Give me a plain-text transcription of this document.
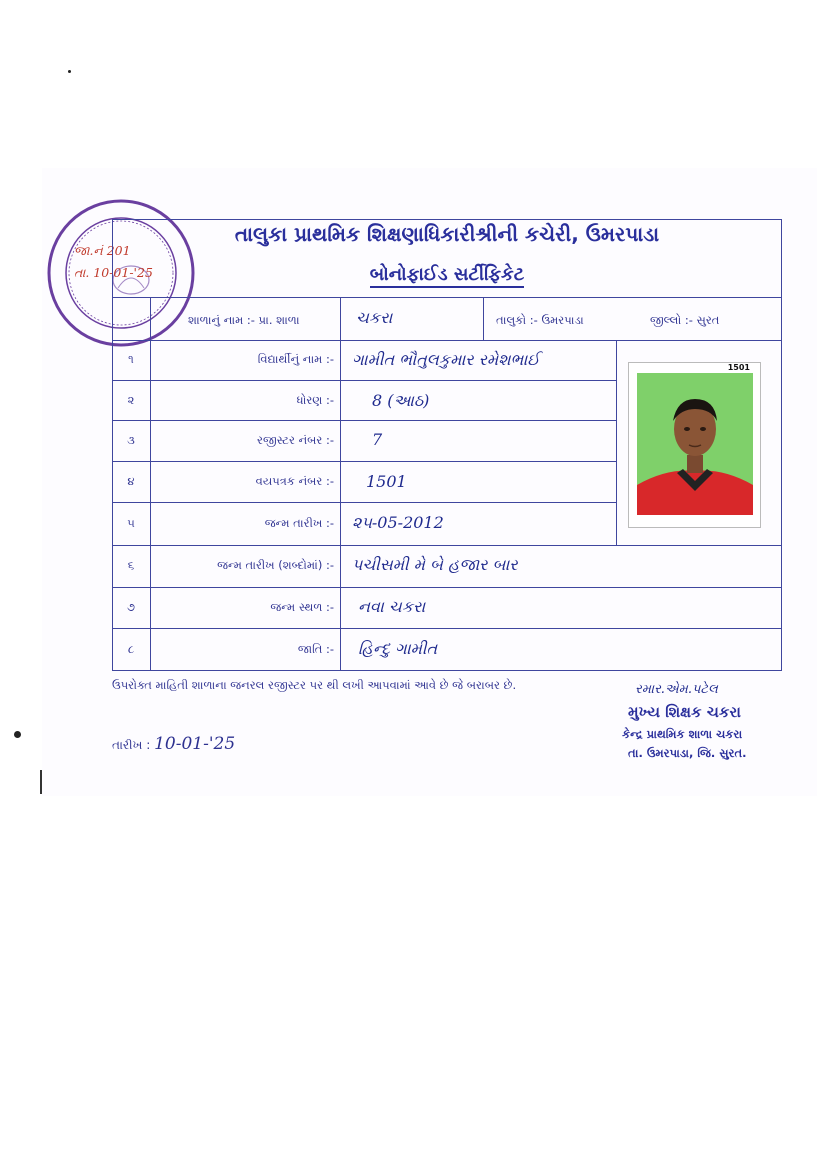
જા.નં 201
તા. 10-01-'25
તાલુકા પ્રાથમિક શિક્ષણાધિકારીશ્રીની કચેરી, ઉમરપાડા
બોનોફાઈડ સર્ટીફિકેટ
શાળાનું નામ :- પ્રા. શાળા	ચકરા	તાલુકો :- ઉમરપાડા	જીલ્લો :- સુરત
૧	વિદ્યાર્થીનું નામ :- ગામીત ભૌતુલકુમાર રમેશભાઈ
૨	ધોરણ :- 8 (આઠ)
૩	રજીસ્ટર નંબર :- 7
૪	વયપત્રક નંબર :- 1501
૫	જન્મ તારીખ :- ૨૫-05-2012
૬	જન્મ તારીખ (શબ્દોમાં) :- પચીસમી મે બે હજાર બાર
૭	જન્મ સ્થળ :- નવા ચકરા
૮	જાતિ :- હિન્દુ ગામીત
1501
ઉપરોક્ત માહિતી શાળાના જનરલ રજીસ્ટર પર થી લખી આપવામાં આવે છે જે બરાબર છે.
તારીખ : 10-01-'25
રમાર.એમ.પટેલ
મુખ્ય શિક્ષક ચકરા
કેન્દ્ર પ્રાથમિક શાળા ચકરા
તા. ઉમરપાડા, જિ. સુરત.
